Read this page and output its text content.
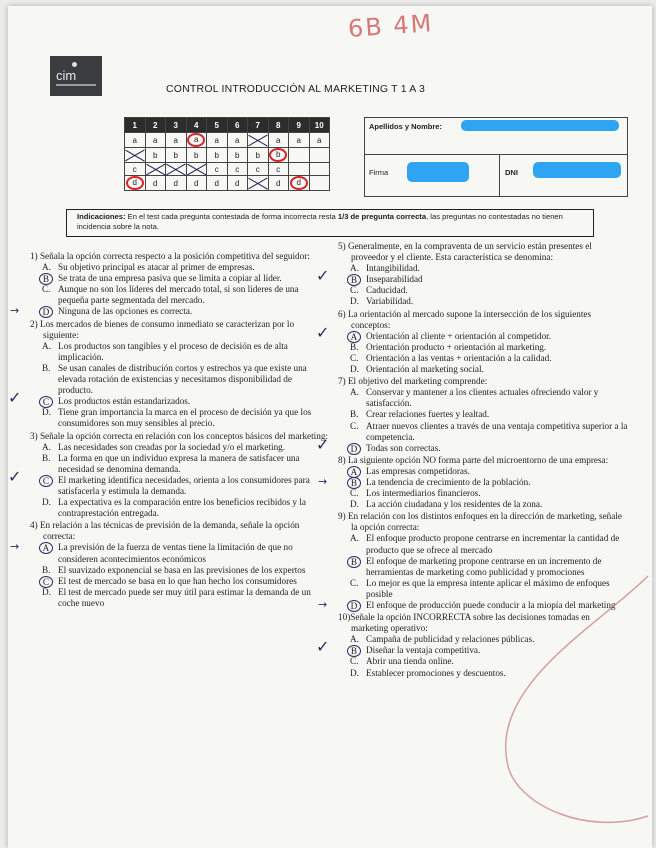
cim
6B 4M
CONTROL INTRODUCCIÓN AL MARKETING T 1 A 3
1	2	3	4	5	6	7	8	9	10
a	a	a	a	a	a		a	a	a
	b	b	b	b	b	b	b		
c				c	c	c	c		
d	d	d	d	d	d		d	d	
Apellidos y Nombre:
Firma	DNI
Indicaciones: En el test cada pregunta contestada de forma incorrecta resta 1/3 de pregunta correcta, las preguntas no contestadas no tienen incidencia sobre la nota.

1) Señala la opción correcta respecto a la posición competitiva del seguidor:

A. Su objetivo principal es atacar al primer de empresas.

B Se trata de una empresa pasiva que se limita a copiar al líder.

C. Aunque no son los líderes del mercado total, si son líderes de una pequeña parte segmentada del mercado.

D Ninguna de las opciones es correcta.
→

2) Los mercados de bienes de consumo inmediato se caracterizan por lo siguiente:

A. Los productos son tangibles y el proceso de decisión es de alta implicación.

B. Se usan canales de distribución cortos y estrechos ya que existe una elevada rotación de existencias y necesitamos disponibilidad de producto.

C Los productos están estandarizados.
✓

D. Tiene gran importancia la marca en el proceso de decisión ya que los consumidores son muy sensibles al precio.

3) Señale la opción correcta en relación con los conceptos básicos del marketing:

A. Las necesidades son creadas por la sociedad y/o el marketing.

B. La forma en que un individuo expresa la manera de satisfacer una necesidad se denomina demanda.

C El marketing identifica necesidades, orienta a los consumidores para satisfacerla y estimula la demanda.
✓

D. La expectativa es la comparación entre los beneficios recibidos y la contraprestación entregada.

4) En relación a las técnicas de previsión de la demanda, señale la opción correcta:

A La previsión de la fuerza de ventas tiene la limitación de que no consideren acontecimientos económicos
→

B. El suavizado exponencial se basa en las previsiones de los expertos

C El test de mercado se basa en lo que han hecho los consumidores

D. El test de mercado puede ser muy útil para estimar la demanda de un coche nuevo

5) Generalmente, en la compraventa de un servicio están presentes el proveedor y el cliente. Esta característica se denomina:

A. Intangibilidad.

B Inseparabilidad
✓

C. Caducidad.

D. Variabilidad.

6) La orientación al mercado supone la intersección de los siguientes conceptos:

A Orientación al cliente + orientación al competidor.
✓

B. Orientación producto + orientación al marketing.

C. Orientación a las ventas + orientación a la calidad.

D. Orientación al marketing social.

7) El objetivo del marketing comprende:

A. Conservar y mantener a los clientes actuales ofreciendo valor y satisfacción.

B. Crear relaciones fuertes y lealtad.

C. Atraer nuevos clientes a través de una ventaja competitiva superior a la competencia.

D Todas son correctas.
✓

8) La siguiente opción NO forma parte del microentorno de una empresa:

A Las empresas competidoras.

B La tendencia de crecimiento de la población.
→

C. Los intermediarios financieros.

D. La acción ciudadana y los residentes de la zona.

9) En relación con los distintos enfoques en la dirección de marketing, señale la opción correcta:

A. El enfoque producto propone centrarse en incrementar la cantidad de producto que se ofrece al mercado

B El enfoque de marketing propone centrarse en un incremento de herramientas de marketing como publicidad y promociones

C. Lo mejor es que la empresa intente aplicar el máximo de enfoques posible

D El enfoque de producción puede conducir a la miopía del marketing
→

10)Señale la opción INCORRECTA sobre las decisiones tomadas en marketing operativo:

A. Campaña de publicidad y relaciones públicas.

B Diseñar la ventaja competitiva.
✓

C. Abrir una tienda online.

D. Establecer promociones y descuentos.
